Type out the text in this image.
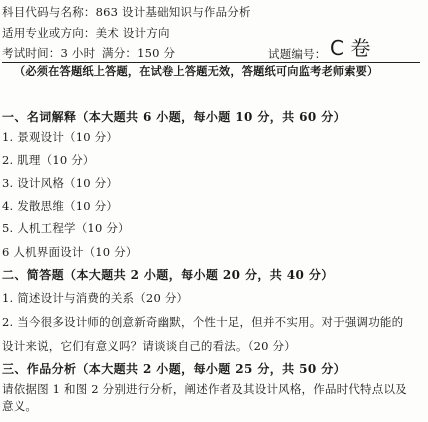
科目代码与名称：863 设计基础知识与作品分析
适用专业或方向：美术 设计方向
考试时间：3 小时 满分：150 分	试题编号： C 卷
（必须在答题纸上答题，在试卷上答题无效，答题纸可向监考老师索要）
一、名词解释（本大题共 6 小题，每小题 10 分，共 60 分）
1. 景观设计（10 分）
2. 肌理（10 分）
3. 设计风格（10 分）
4. 发散思维（10 分）
5. 人机工程学（10 分）
6 人机界面设计（10 分）
二、简答题（本大题共 2 小题，每小题 20 分，共 40 分）
1. 简述设计与消费的关系（20 分）
2. 当今很多设计师的创意新奇幽默，个性十足，但并不实用。对于强调功能的
设计来说，它们有意义吗？请谈谈自己的看法。（20 分）
三、作品分析（本大题共 2 小题，每小题 25 分，共 50 分）
请依据图 1 和图 2 分别进行分析，阐述作者及其设计风格，作品时代特点以及
意义。
